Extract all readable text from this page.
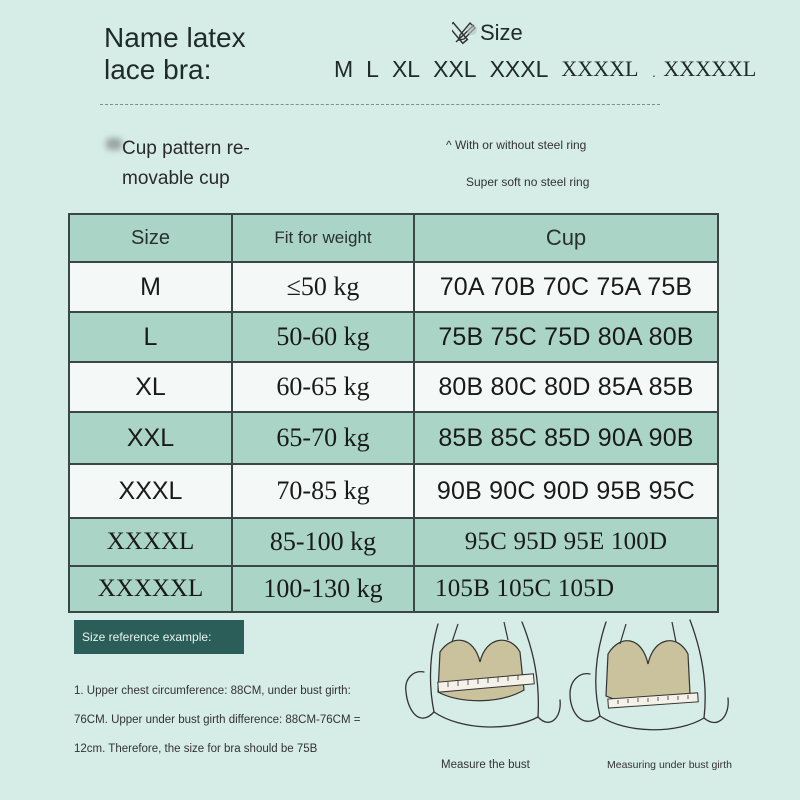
Name latex
lace bra:
Size
M L XL XXL XXXL XXXXL XXXXXL
.
Cup pattern re-
movable cup
^ With or without steel ring
Super soft no steel ring
Size	Fit for weight	Cup
M	≤50 kg	70A 70B 70C 75A 75B
L	50-60 kg	75B 75C 75D 80A 80B
XL	60-65 kg	80B 80C 80D 85A 85B
XXL	65-70 kg	85B 85C 85D 90A 90B
XXXL	70-85 kg	90B 90C 90D 95B 95C
XXXXL	85-100 kg	95C 95D 95E 100D
XXXXXL	100-130 kg	105B 105C 105D
Size reference example:
1. Upper chest circumference: 88CM, under bust girth:
76CM. Upper under bust girth difference: 88CM-76CM =
12cm. Therefore, the size for bra should be 75B
Measure the bust	Measuring under bust girth
